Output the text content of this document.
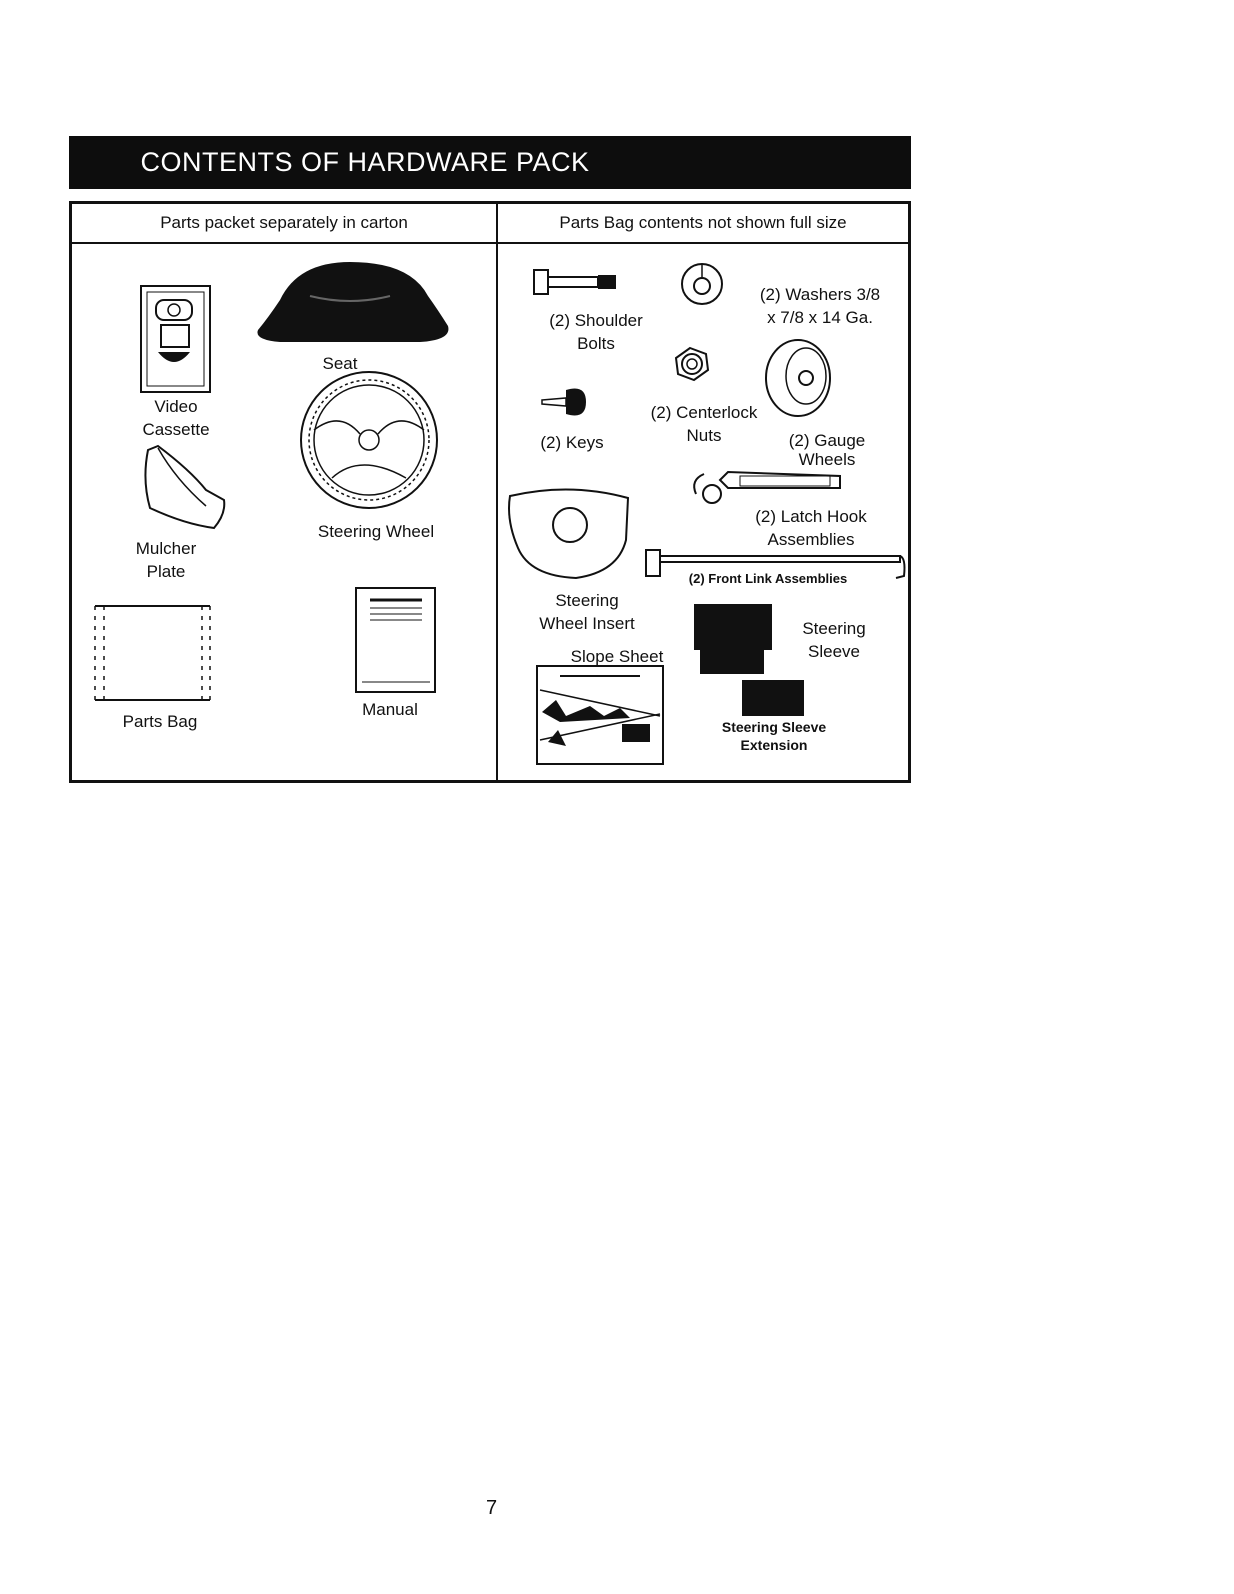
CONTENTS OF HARDWARE PACK
Parts packet separately in carton	Parts Bag contents not shown full size
Video
Cassette
Seat
Mulcher
Plate
Steering Wheel
Parts Bag
Manual
(2) Shoulder
Bolts
(2) Washers 3/8
x 7/8 x 14 Ga.
(2) Keys
(2) Centerlock
Nuts	(2) Gauge
Wheels
(2) Latch Hook
Assemblies
(2) Front Link Assemblies
Steering
Wheel Insert
Slope Sheet
Steering
Sleeve
Steering Sleeve
Extension
7
